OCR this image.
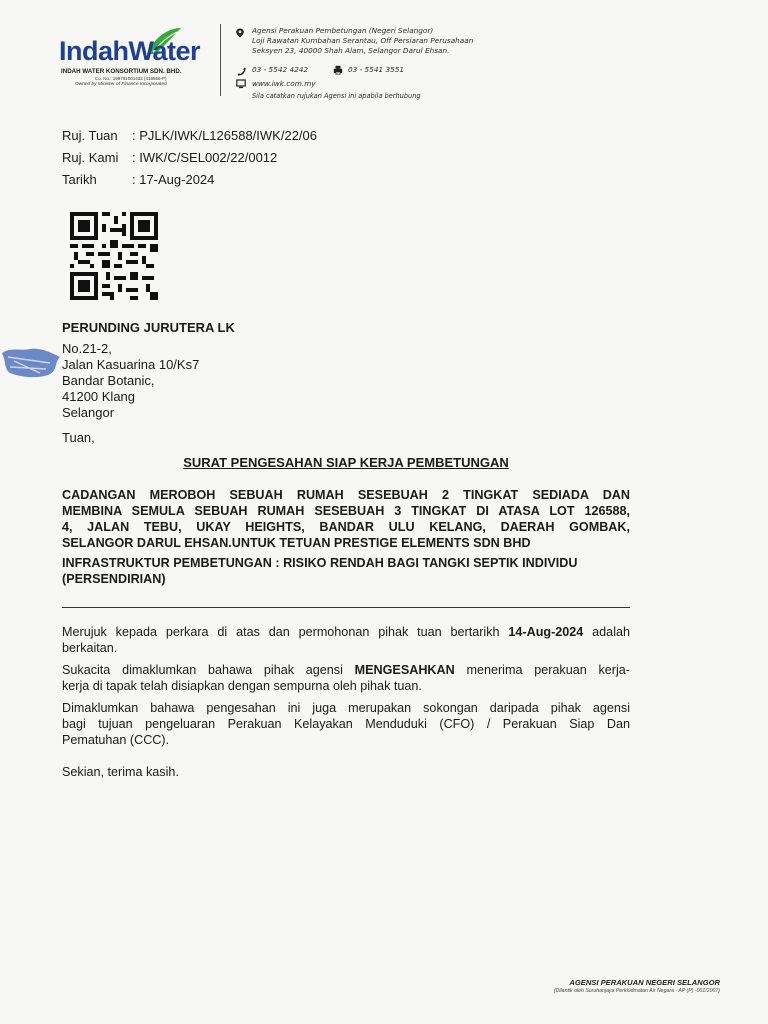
IndahWater
INDAH WATER KONSORTIUM SDN. BHD.
Co. No.: 199701001432 (419566-P)
Owned by Minister of Finance Incorporated
Agensi Perakuan Pembetungan (Negeri Selangor)
Loji Rawatan Kumbahan Serantau, Off Persiaran Perusahaan
Seksyen 23, 40000 Shah Alam, Selangor Darul Ehsan.
03 - 5542 4242	03 - 5541 3551
www.iwk.com.my
Sila catatkan rujukan Agensi ini apabila berhubung
Ruj. Tuan : PJLK/IWK/L126588/IWK/22/06
Ruj. Kami : IWK/C/SEL002/22/0012
Tarikh	: 17-Aug-2024
PERUNDING JURUTERA LK
No.21-2,
Jalan Kasuarina 10/Ks7
Bandar Botanic,
41200 Klang
Selangor
Tuan,
SURAT PENGESAHAN SIAP KERJA PEMBETUNGAN
CADANGAN MEROBOH SEBUAH RUMAH SESEBUAH 2 TINGKAT SEDIADA DAN
MEMBINA SEMULA SEBUAH RUMAH SESEBUAH 3 TINGKAT DI ATASA LOT 126588,
4, JALAN TEBU, UKAY HEIGHTS, BANDAR ULU KELANG, DAERAH GOMBAK,
SELANGOR DARUL EHSAN.UNTUK TETUAN PRESTIGE ELEMENTS SDN BHD
INFRASTRUKTUR PEMBETUNGAN : RISIKO RENDAH BAGI TANGKI SEPTIK INDIVIDU
(PERSENDIRIAN)
Merujuk kepada perkara di atas dan permohonan pihak tuan bertarikh 14-Aug-2024 adalah
berkaitan.
Sukacita dimaklumkan bahawa pihak agensi MENGESAHKAN menerima perakuan kerja-
kerja di tapak telah disiapkan dengan sempurna oleh pihak tuan.
Dimaklumkan bahawa pengesahan ini juga merupakan sokongan daripada pihak agensi
bagi tujuan pengeluaran Perakuan Kelayakan Menduduki (CFO) / Perakuan Siap Dan
Pematuhan (CCC).
Sekian, terima kasih.
AGENSI PERAKUAN NEGERI SELANGOR
(Dilantik oleh Suruhanjaya Perkhidmatan Air Negara - AP (P) -001/2007)
